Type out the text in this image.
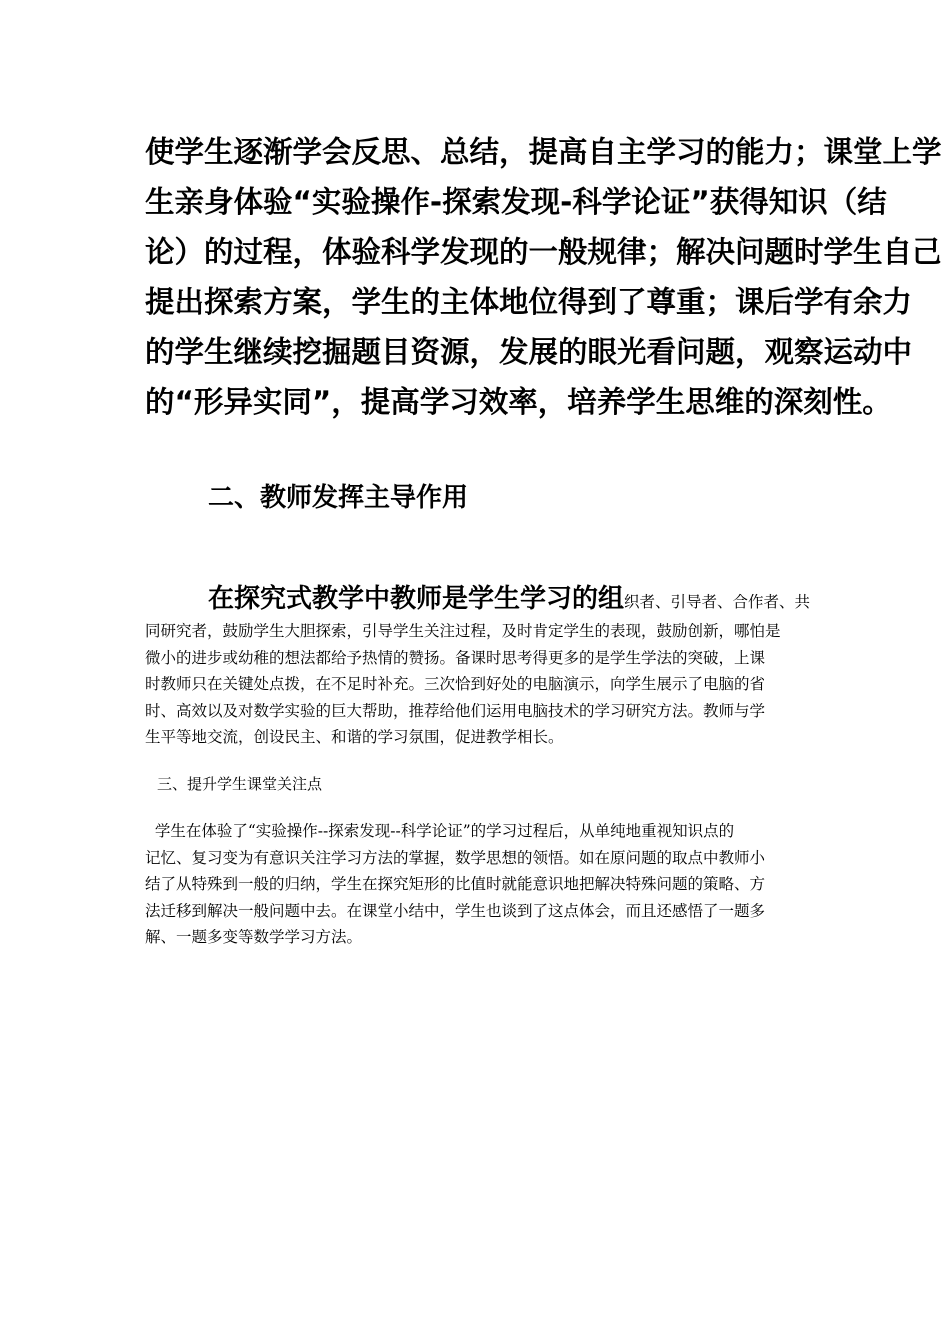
使学生逐渐学会反思、总结，提高自主学习的能力；课堂上学
生亲身体验“实验操作-探索发现-科学论证”获得知识（结
论）的过程，体验科学发现的一般规律；解决问题时学生自己
提出探索方案，学生的主体地位得到了尊重；课后学有余力
的学生继续挖掘题目资源，发展的眼光看问题，观察运动中
的“形异实同”，提高学习效率，培养学生思维的深刻性。
二、教师发挥主导作用
在探究式教学中教师是学生学习的组织者、引导者、合作者、共
同研究者，鼓励学生大胆探索，引导学生关注过程，及时肯定学生的表现，鼓励创新，哪怕是
微小的进步或幼稚的想法都给予热情的赞扬。备课时思考得更多的是学生学法的突破，上课
时教师只在关键处点拨，在不足时补充。三次恰到好处的电脑演示，向学生展示了电脑的省
时、高效以及对数学实验的巨大帮助，推荐给他们运用电脑技术的学习研究方法。教师与学
生平等地交流，创设民主、和谐的学习氛围，促进教学相长。
三、提升学生课堂关注点
学生在体验了“实验操作--探索发现--科学论证”的学习过程后，从单纯地重视知识点的
记忆、复习变为有意识关注学习方法的掌握，数学思想的领悟。如在原问题的取点中教师小
结了从特殊到一般的归纳，学生在探究矩形的比值时就能意识地把解决特殊问题的策略、方
法迁移到解决一般问题中去。在课堂小结中，学生也谈到了这点体会，而且还感悟了一题多
解、一题多变等数学学习方法。
